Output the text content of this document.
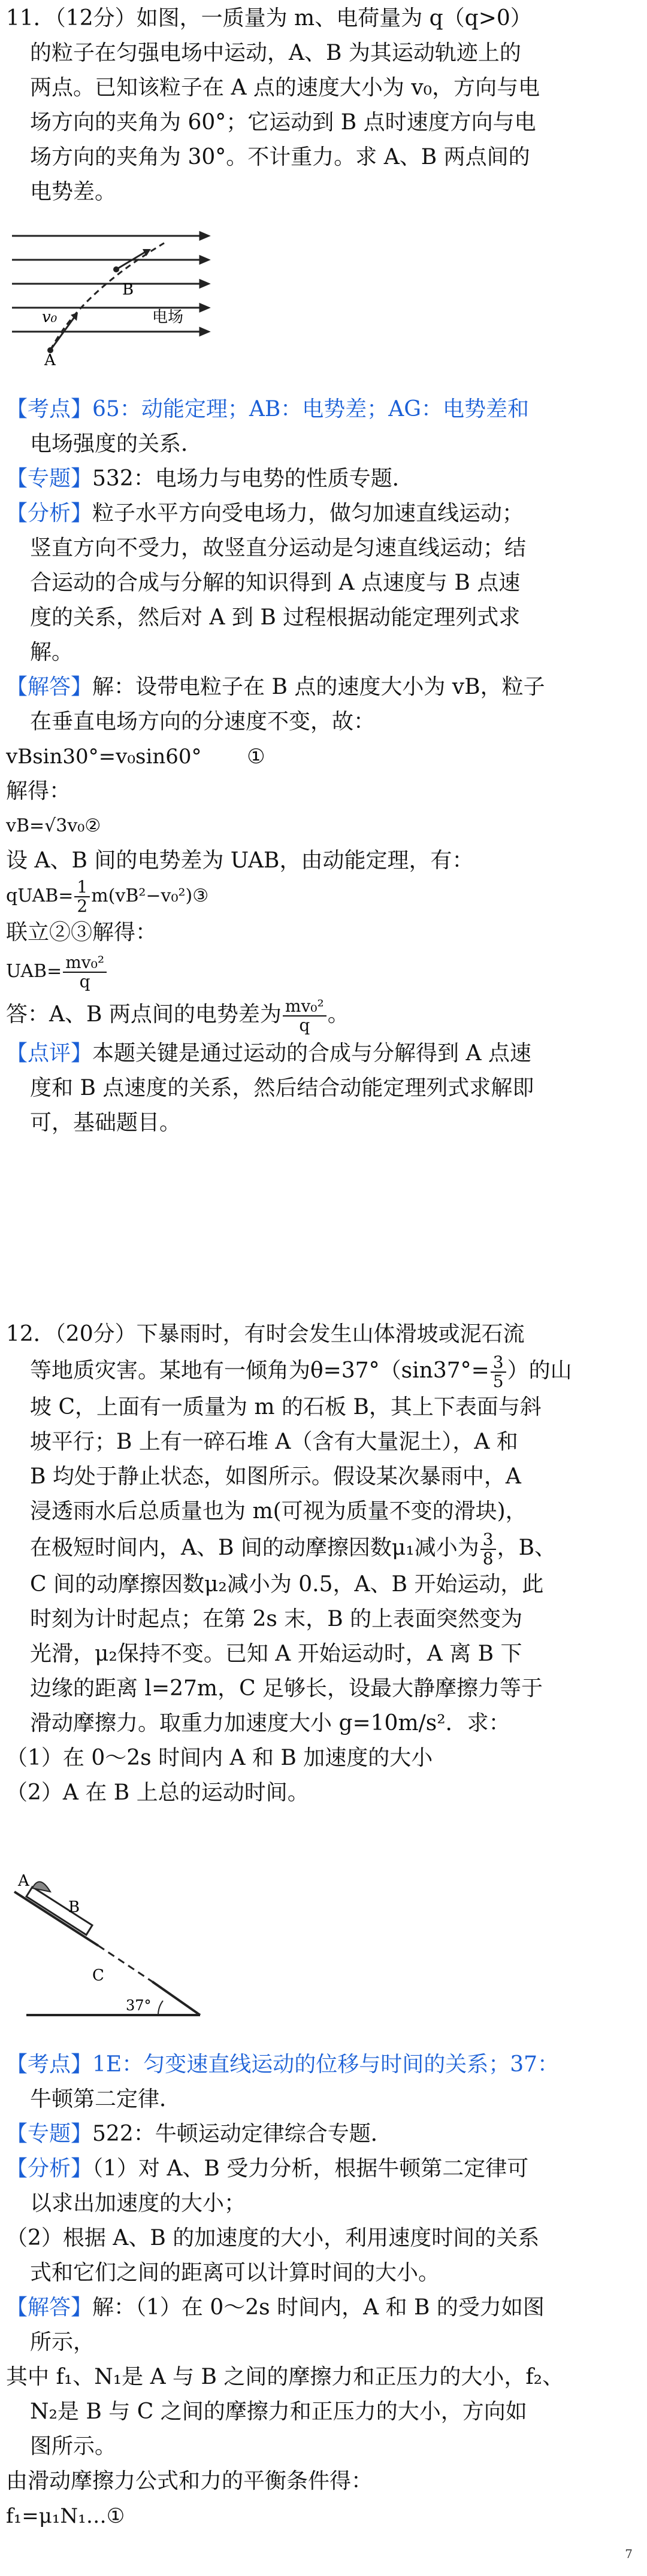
11．（12分）如图，一质量为 m、电荷量为 q（q>0）
的粒子在匀强电场中运动，A、B 为其运动轨迹上的
两点。已知该粒子在 A 点的速度大小为 v₀，方向与电
场方向的夹角为 60°；它运动到 B 点时速度方向与电
场方向的夹角为 30°。不计重力。求 A、B 两点间的
电势差。
A
B
v₀	电场
【考点】65：动能定理；AB：电势差；AG：电势差和
电场强度的关系．
【专题】532：电场力与电势的性质专题．
【分析】粒子水平方向受电场力，做匀加速直线运动；
竖直方向不受力，故竖直分运动是匀速直线运动；结
合运动的合成与分解的知识得到 A 点速度与 B 点速
度的关系，然后对 A 到 B 过程根据动能定理列式求
解。
【解答】解：设带电粒子在 B 点的速度大小为 vB，粒子
在垂直电场方向的分速度不变，故：
vBsin30°=v₀sin60° ①
解得：
vB=√3v₀②
设 A、B 间的电势差为 UAB，由动能定理，有：
qUAB= $\frac{1}{2}$ m(vB²−v₀²)③
联立②③解得：
$UAB= \frac{\text{mv₀²}}{q}$
答：A、B 两点间的电势差为 $\frac{\text{mv₀²}}{q}$ 。
【点评】本题关键是通过运动的合成与分解得到 A 点速
度和 B 点速度的关系，然后结合动能定理列式求解即
可，基础题目。
12．（20分）下暴雨时，有时会发生山体滑坡或泥石流
等地质灾害。某地有一倾角为$\theta=37^\circ(\sin 37^\circ= \frac{3}{5}$ ）的山
坡 C，上面有一质量为 m 的石板 B，其上下表面与斜
坡平行；B 上有一碎石堆 A（含有大量泥土），A 和
B 均处于静止状态，如图所示。假设某次暴雨中，A
浸透雨水后总质量也为 m(可视为质量不变的滑块)，
在极短时间内，A、B 间的动摩擦因数μ₁减小为 $\frac{3}{8}$ ，B、
C 间的动摩擦因数μ₂减小为 0.5，A、B 开始运动，此
时刻为计时起点；在第 2s 末，B 的上表面突然变为
光滑，μ₂保持不变。已知 A 开始运动时，A 离 B 下
边缘的距离 l=27m，C 足够长，设最大静摩擦力等于
滑动摩擦力。取重力加速度大小 g=10m/s²．求：
（1）在 0～2s 时间内 A 和 B 加速度的大小
（2）A 在 B 上总的运动时间。
A
B
C
37°
【考点】1E：匀变速直线运动的位移与时间的关系；37：
牛顿第二定律．
【专题】522：牛顿运动定律综合专题．
【分析】（1）对 A、B 受力分析，根据牛顿第二定律可
以求出加速度的大小；
（2）根据 A、B 的加速度的大小，利用速度时间的关系
式和它们之间的距离可以计算时间的大小。
【解答】解：（1）在 0～2s 时间内，A 和 B 的受力如图
所示，
其中 f₁、N₁是 A 与 B 之间的摩擦力和正压力的大小，f₂、
N₂是 B 与 C 之间的摩擦力和正压力的大小，方向如
图所示。
由滑动摩擦力公式和力的平衡条件得：
f₁=μ₁N₁…①
7
